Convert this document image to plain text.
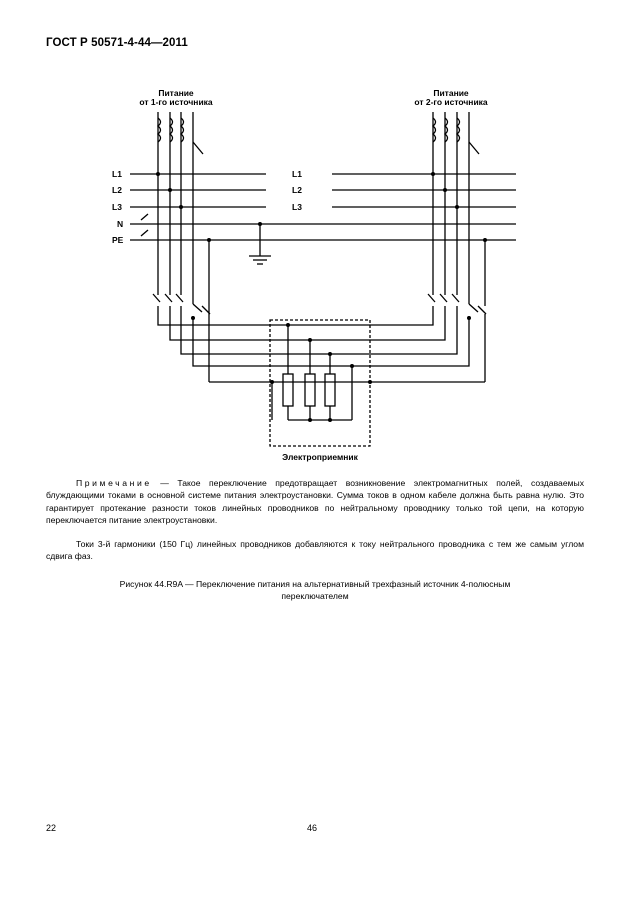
ГОСТ Р 50571-4-44—2011
Питание
от 1-го источника
Питание
от 2-го источника
L1
L2
L3
N
PE
L1
L2
L3
Электроприемник
Примечание — Такое переключение предотвращает возникновение электромагнитных полей, создаваемых блуждающими токами в основной системе питания электроустановки. Сумма токов в одном кабеле должна быть равна нулю. Это гарантирует протекание разности токов линейных проводников по нейтральному проводнику только той цепи, на которую переключается питание электроустановки.
Токи 3-й гармоники (150 Гц) линейных проводников добавляются к току нейтрального проводника с тем же самым углом сдвига фаз.
Рисунок 44.R9A — Переключение питания на альтернативный трехфазный источник 4-полюсным
переключателем
22	46
